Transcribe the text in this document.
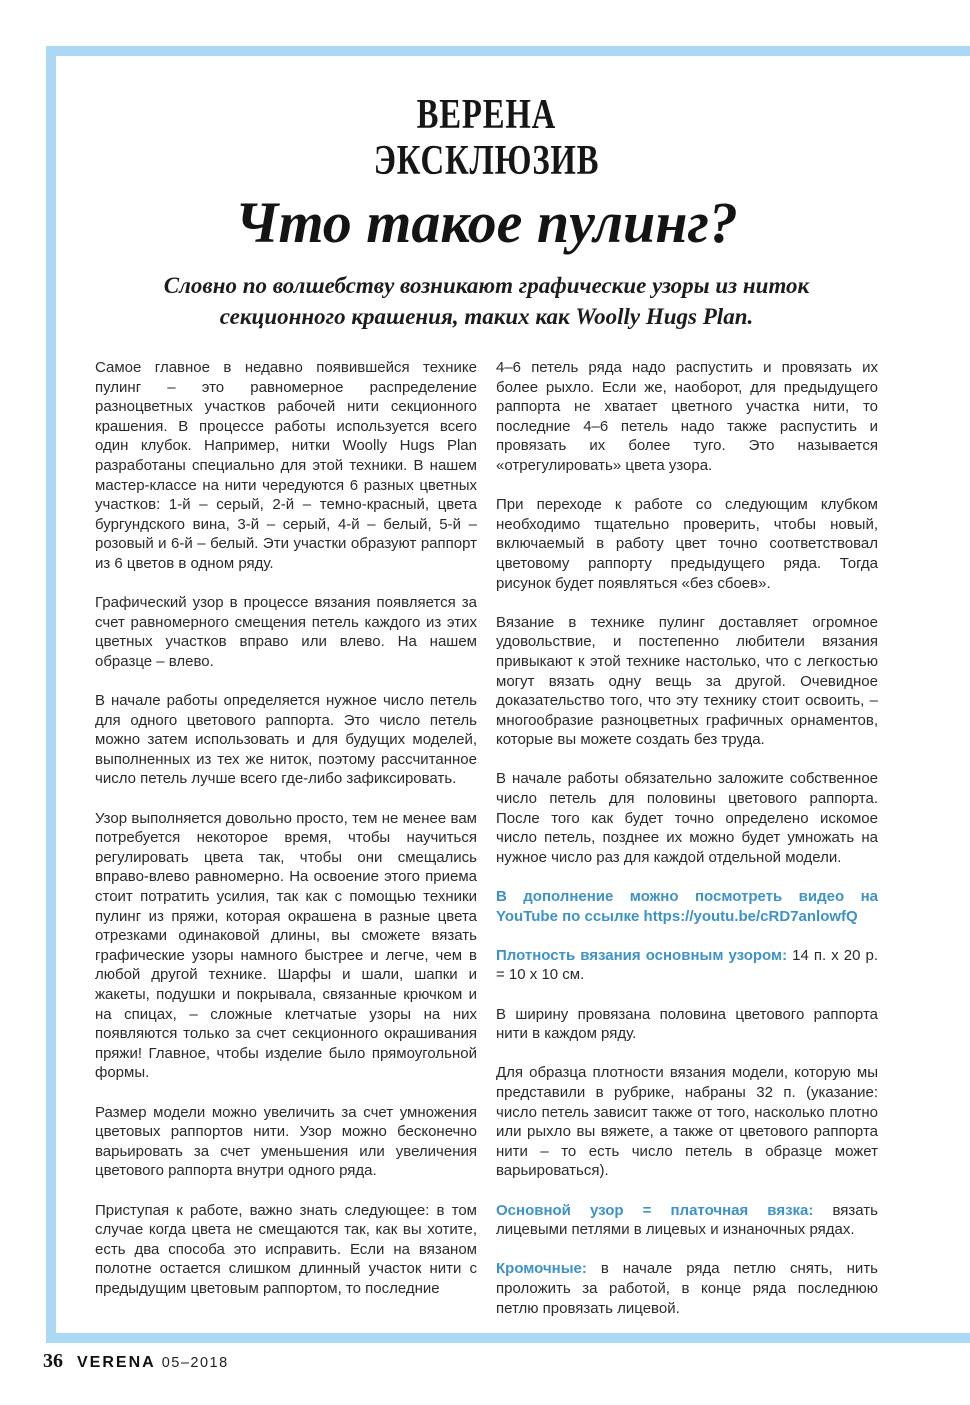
ВЕРЕНА
ЭКСКЛЮЗИВ
Что такое пулинг?
Словно по волшебству возникают графические узоры из ниток секционного крашения, таких как Woolly Hugs Plan.

Самое главное в недавно появившейся технике пулинг – это равномерное распределение разноцветных участков рабочей нити секционного крашения. В процессе работы используется всего один клубок. Например, нитки Woolly Hugs Plan разработаны специально для этой техники. В нашем мастер-классе на нити чередуются 6 разных цветных участков: 1-й – серый, 2-й – темно-красный, цвета бургундского вина, 3-й – серый, 4-й – белый, 5-й – розовый и 6-й – белый. Эти участки образуют раппорт из 6 цветов в одном ряду.

Графический узор в процессе вязания появляется за счет равномерного смещения петель каждого из этих цветных участков вправо или влево. На нашем образце – влево.

В начале работы определяется нужное число петель для одного цветового раппорта. Это число петель можно затем использовать и для будущих моделей, выполненных из тех же ниток, поэтому рассчитанное число петель лучше всего где-либо зафиксировать.

Узор выполняется довольно просто, тем не менее вам потребуется некоторое время, чтобы научиться регулировать цвета так, чтобы они смещались вправо-влево равномерно. На освоение этого приема стоит потратить усилия, так как с помощью техники пулинг из пряжи, которая окрашена в разные цвета отрезками одинаковой длины, вы сможете вязать графические узоры намного быстрее и легче, чем в любой другой технике. Шарфы и шали, шапки и жакеты, подушки и покрывала, связанные крючком и на спицах, – сложные клетчатые узоры на них появляются только за счет секционного окрашивания пряжи! Главное, чтобы изделие было прямоугольной формы.

Размер модели можно увеличить за счет умножения цветовых раппортов нити. Узор можно бесконечно варьировать за счет уменьшения или увеличения цветового раппорта внутри одного ряда.

Приступая к работе, важно знать следующее: в том случае когда цвета не смещаются так, как вы хотите, есть два способа это исправить. Если на вязаном полотне остается слишком длинный участок нити с предыдущим цветовым раппортом, то последние

4–6 петель ряда надо распустить и провязать их более рыхло. Если же, наоборот, для предыдущего раппорта не хватает цветного участка нити, то последние 4–6 петель надо также распустить и провязать их более туго. Это называется «отрегулировать» цвета узора.

При переходе к работе со следующим клубком необходимо тщательно проверить, чтобы новый, включаемый в работу цвет точно соответствовал цветовому раппорту предыдущего ряда. Тогда рисунок будет появляться «без сбоев».

Вязание в технике пулинг доставляет огромное удовольствие, и постепенно любители вязания привыкают к этой технике настолько, что с легкостью могут вязать одну вещь за другой. Очевидное доказательство того, что эту технику стоит освоить, – многообразие разноцветных графичных орнаментов, которые вы можете создать без труда.

В начале работы обязательно заложите собственное число петель для половины цветового раппорта. После того как будет точно определено искомое число петель, позднее их можно будет умножать на нужное число раз для каждой отдельной модели.

В дополнение можно посмотреть видео на YouTube по ссылке https://youtu.be/cRD7anlowfQ

Плотность вязания основным узором: 14 п. x 20 р. = 10 x 10 см.

В ширину провязана половина цветового раппорта нити в каждом ряду.

Для образца плотности вязания модели, которую мы представили в рубрике, набраны 32 п. (указание: число петель зависит также от того, насколько плотно или рыхло вы вяжете, а также от цветового раппорта нити – то есть число петель в образце может варьироваться).

Основной узор = платочная вязка: вязать лицевыми петлями в лицевых и изнаночных рядах.

Кромочные: в начале ряда петлю снять, нить проложить за работой, в конце ряда последнюю петлю провязать лицевой.

36 VERENA 05–2018
